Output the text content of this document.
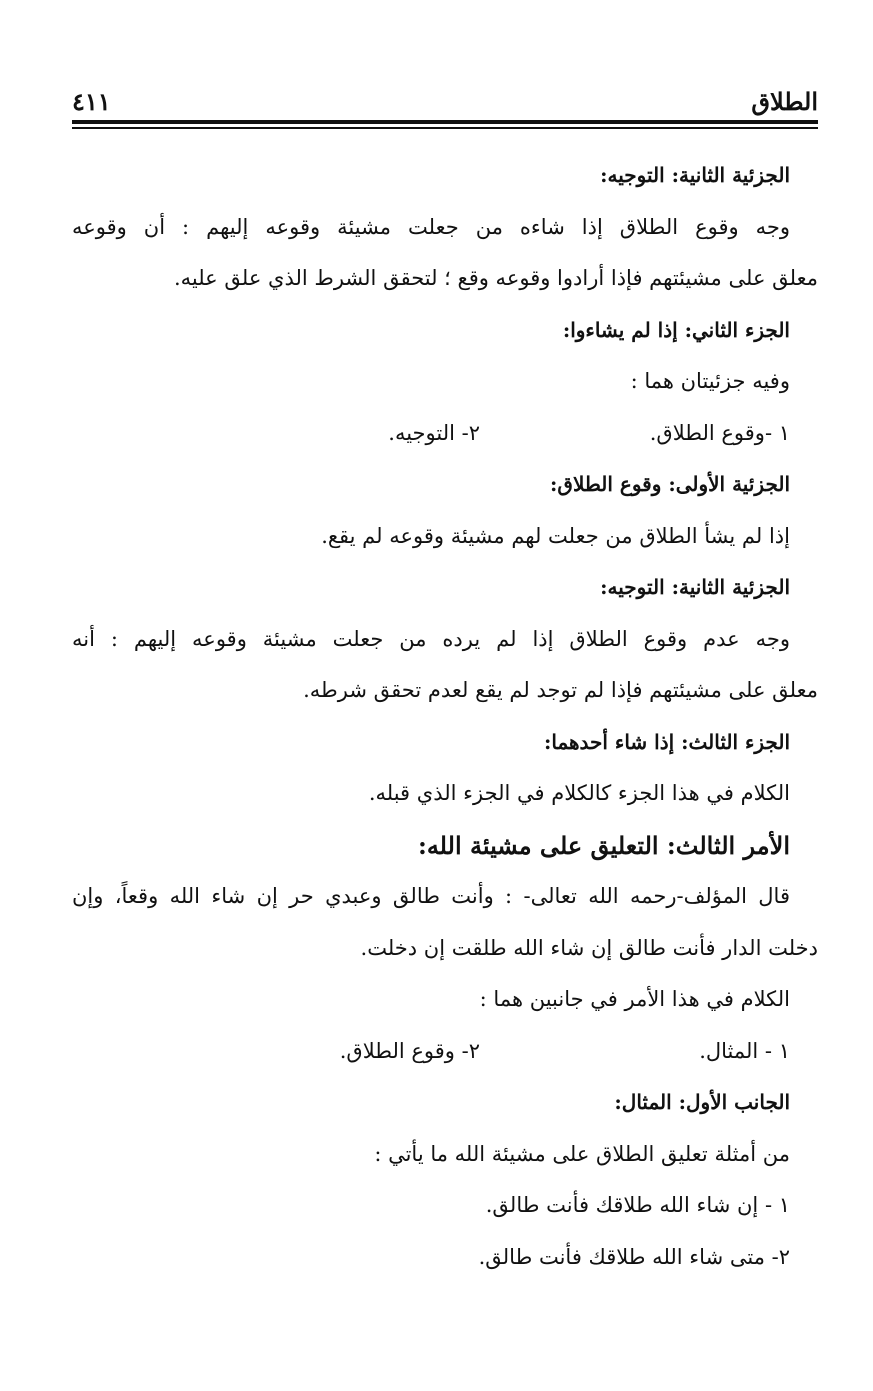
الطلاق
٤١١
الجزئية الثانية: التوجيه:
وجه وقوع الطلاق إذا شاءه من جعلت مشيئة وقوعه إليهم : أن وقوعه
معلق على مشيئتهم فإذا أرادوا وقوعه وقع ؛ لتحقق الشرط الذي علق عليه.
الجزء الثاني: إذا لم يشاءوا:
وفيه جزئيتان هما :
١ -وقوع الطلاق.
٢- التوجيه.
الجزئية الأولى: وقوع الطلاق:
إذا لم يشأ الطلاق من جعلت لهم مشيئة وقوعه لم يقع.
الجزئية الثانية: التوجيه:
وجه عدم وقوع الطلاق إذا لم يرده من جعلت مشيئة وقوعه إليهم : أنه
معلق على مشيئتهم فإذا لم توجد لم يقع لعدم تحقق شرطه.
الجزء الثالث: إذا شاء أحدهما:
الكلام في هذا الجزء كالكلام في الجزء الذي قبله.
الأمر الثالث: التعليق على مشيئة الله:
قال المؤلف-رحمه الله تعالى- : وأنت طالق وعبدي حر إن شاء الله وقعاً، وإن
دخلت الدار فأنت طالق إن شاء الله طلقت إن دخلت.
الكلام في هذا الأمر في جانبين هما :
١ - المثال.
٢- وقوع الطلاق.
الجانب الأول: المثال:
من أمثلة تعليق الطلاق على مشيئة الله ما يأتي :
١ - إن شاء الله طلاقك فأنت طالق.
٢- متى شاء الله طلاقك فأنت طالق.
